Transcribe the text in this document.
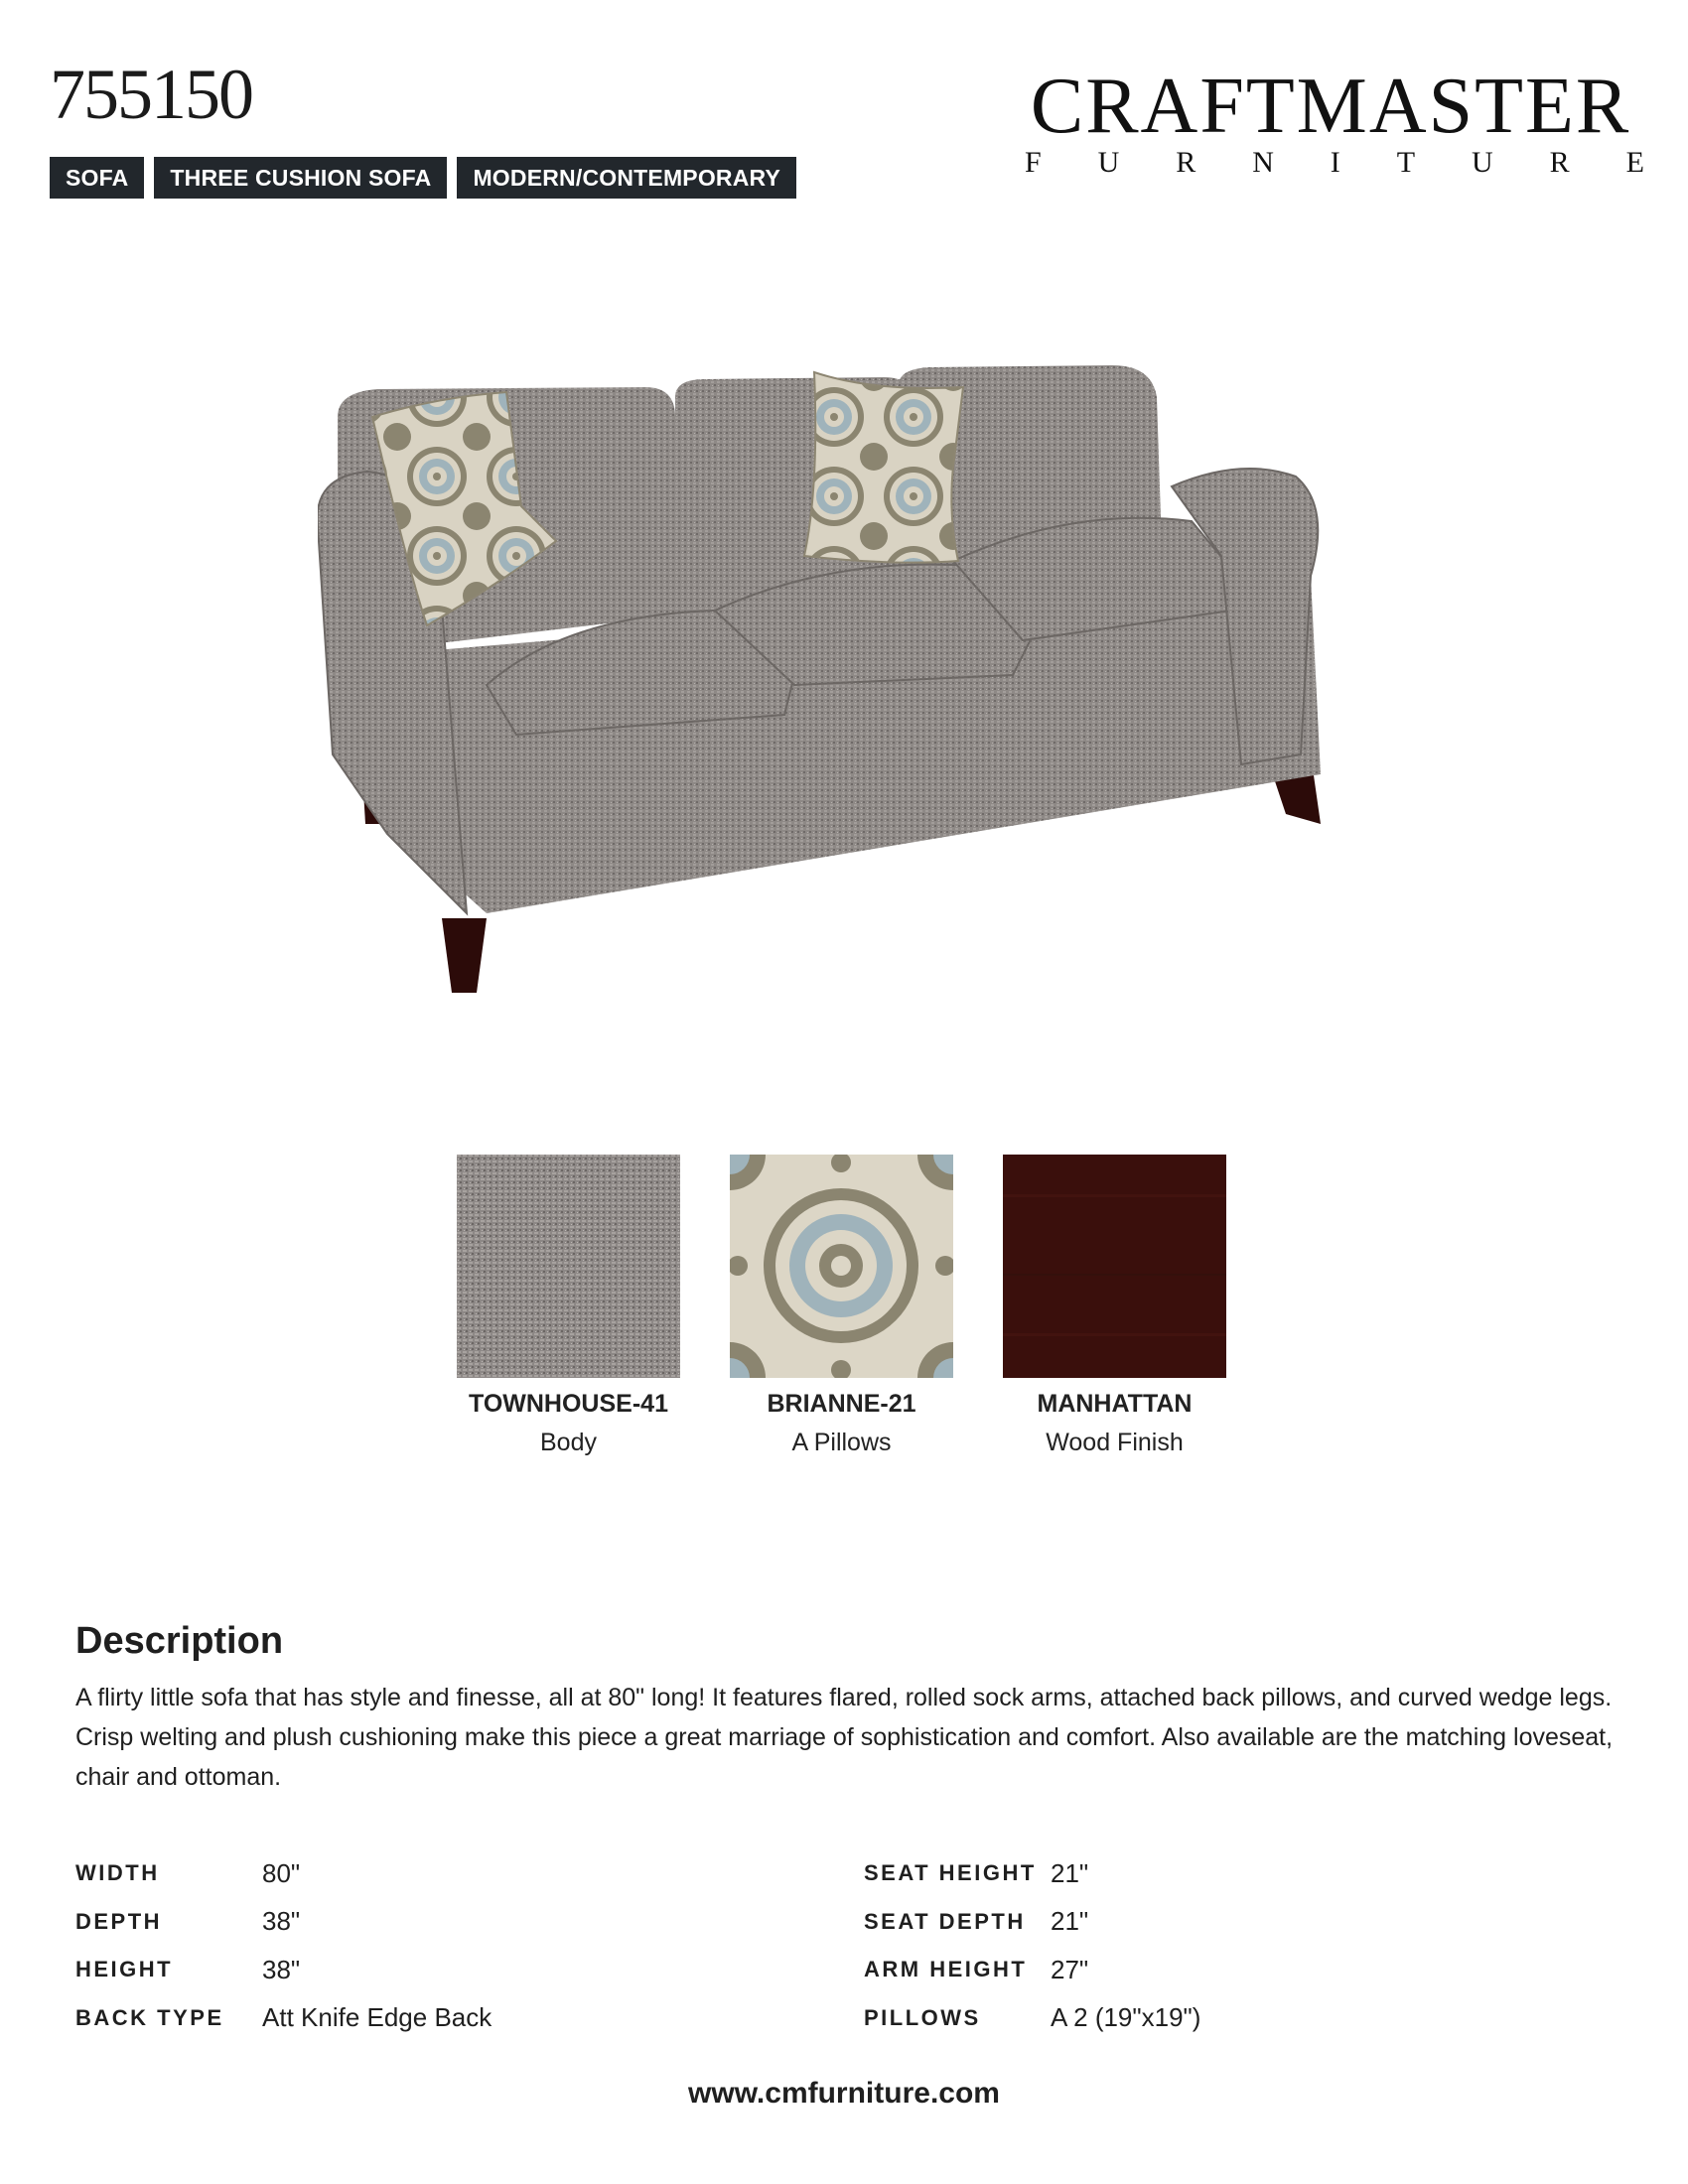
755150
SOFA	THREE CUSHION SOFA	MODERN/CONTEMPORARY
CRAFTMASTER
F U R N I T U R E
TOWNHOUSE-41
Body
BRIANNE-21
A Pillows
MANHATTAN
Wood Finish
Description

A flirty little sofa that has style and finesse, all at 80" long! It features flared, rolled sock arms, attached back pillows, and curved wedge legs. Crisp welting and plush cushioning make this piece a great marriage of sophistication and comfort. Also available are the matching loveseat, chair and ottoman.

WIDTH	80"
DEPTH	38"
HEIGHT	38"
BACK TYPE	Att Knife Edge Back
SEAT HEIGHT 21"
SEAT DEPTH 21"
ARM HEIGHT 27"
PILLOWS	A 2 (19"x19")
www.cmfurniture.com
